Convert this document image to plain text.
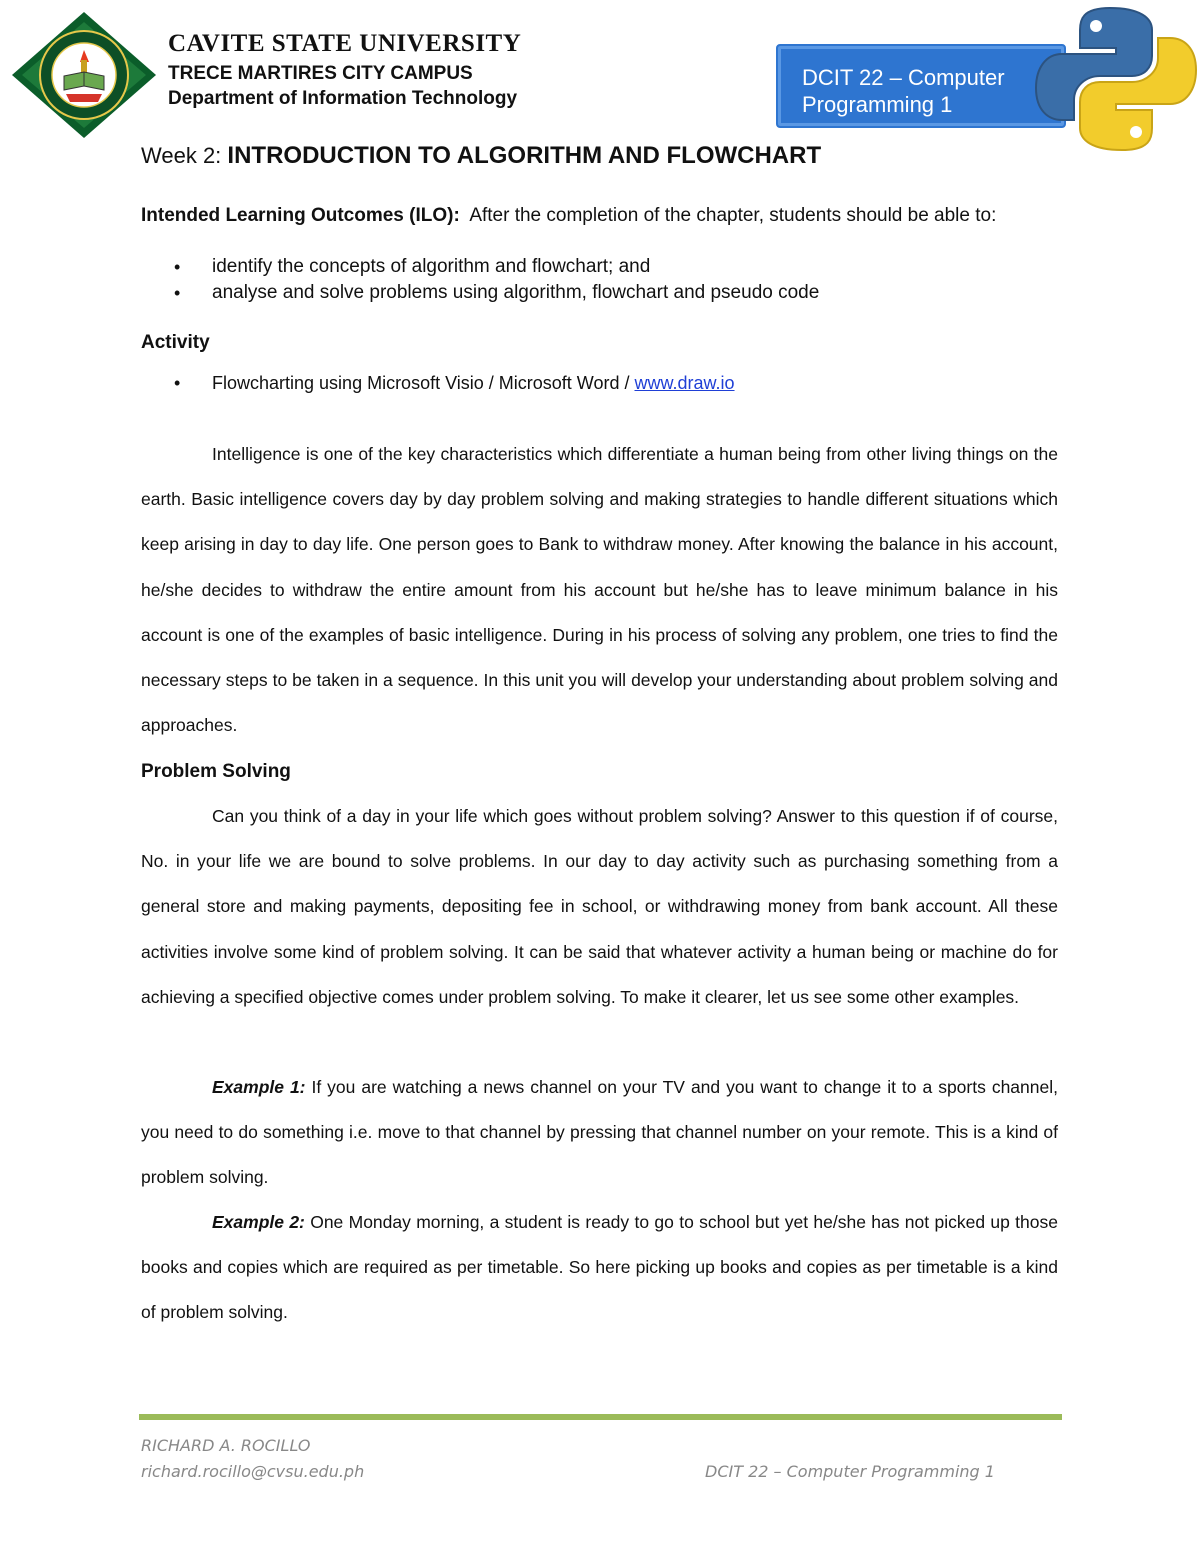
CAVITE STATE UNIVERSITY
TRECE MARTIRES CITY CAMPUS
Department of Information Technology
DCIT 22 – Computer
Programming 1
Week 2: INTRODUCTION TO ALGORITHM AND FLOWCHART
Intended Learning Outcomes (ILO): After the completion of the chapter, students should be able to:
• identify the concepts of algorithm and flowchart; and
• analyse and solve problems using algorithm, flowchart and pseudo code
Activity
• Flowcharting using Microsoft Visio / Microsoft Word / www.draw.io

Intelligence is one of the key characteristics which differentiate a human being from other living things on the earth. Basic intelligence covers day by day problem solving and making strategies to handle different situations which keep arising in day to day life. One person goes to Bank to withdraw money. After knowing the balance in his account, he/she decides to withdraw the entire amount from his account but he/she has to leave minimum balance in his account is one of the examples of basic intelligence. During in his process of solving any problem, one tries to find the necessary steps to be taken in a sequence. In this unit you will develop your understanding about problem solving and approaches.

Problem Solving

Can you think of a day in your life which goes without problem solving? Answer to this question if of course, No. in your life we are bound to solve problems. In our day to day activity such as purchasing something from a general store and making payments, depositing fee in school, or withdrawing money from bank account. All these activities involve some kind of problem solving. It can be said that whatever activity a human being or machine do for achieving a specified objective comes under problem solving. To make it clearer, let us see some other examples.

Example 1: If you are watching a news channel on your TV and you want to change it to a sports channel, you need to do something i.e. move to that channel by pressing that channel number on your remote. This is a kind of problem solving.

Example 2: One Monday morning, a student is ready to go to school but yet he/she has not picked up those books and copies which are required as per timetable. So here picking up books and copies as per timetable is a kind of problem solving.

RICHARD A. ROCILLO
richard.rocillo@cvsu.edu.ph	DCIT 22 – Computer Programming 1
